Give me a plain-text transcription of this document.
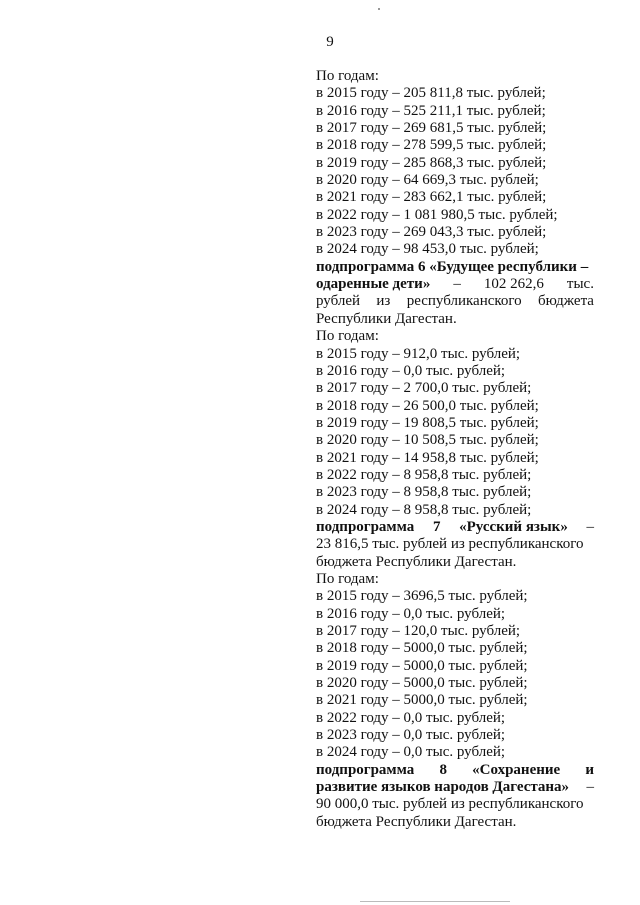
9
По годам:
в 2015 году – 205 811,8 тыс. рублей;
в 2016 году – 525 211,1 тыс. рублей;
в 2017 году – 269 681,5 тыс. рублей;
в 2018 году – 278 599,5 тыс. рублей;
в 2019 году – 285 868,3 тыс. рублей;
в 2020 году – 64 669,3 тыс. рублей;
в 2021 году – 283 662,1 тыс. рублей;
в 2022 году – 1 081 980,5 тыс. рублей;
в 2023 году – 269 043,3 тыс. рублей;
в 2024 году – 98 453,0 тыс. рублей;
подпрограмма 6 «Будущее республики –
одаренные дети» – 102 262,6 тыс.
рублей из республиканского бюджета
Республики Дагестан.
По годам:
в 2015 году – 912,0 тыс. рублей;
в 2016 году – 0,0 тыс. рублей;
в 2017 году – 2 700,0 тыс. рублей;
в 2018 году – 26 500,0 тыс. рублей;
в 2019 году – 19 808,5 тыс. рублей;
в 2020 году – 10 508,5 тыс. рублей;
в 2021 году – 14 958,8 тыс. рублей;
в 2022 году – 8 958,8 тыс. рублей;
в 2023 году – 8 958,8 тыс. рублей;
в 2024 году – 8 958,8 тыс. рублей;
подпрограмма 7 «Русский язык» –
23 816,5 тыс. рублей из республиканского
бюджета Республики Дагестан.
По годам:
в 2015 году – 3696,5 тыс. рублей;
в 2016 году – 0,0 тыс. рублей;
в 2017 году – 120,0 тыс. рублей;
в 2018 году – 5000,0 тыс. рублей;
в 2019 году – 5000,0 тыс. рублей;
в 2020 году – 5000,0 тыс. рублей;
в 2021 году – 5000,0 тыс. рублей;
в 2022 году – 0,0 тыс. рублей;
в 2023 году – 0,0 тыс. рублей;
в 2024 году – 0,0 тыс. рублей;
подпрограмма 8 «Сохранение и
развитие языков народов Дагестана» –
90 000,0 тыс. рублей из республиканского
бюджета Республики Дагестан.
